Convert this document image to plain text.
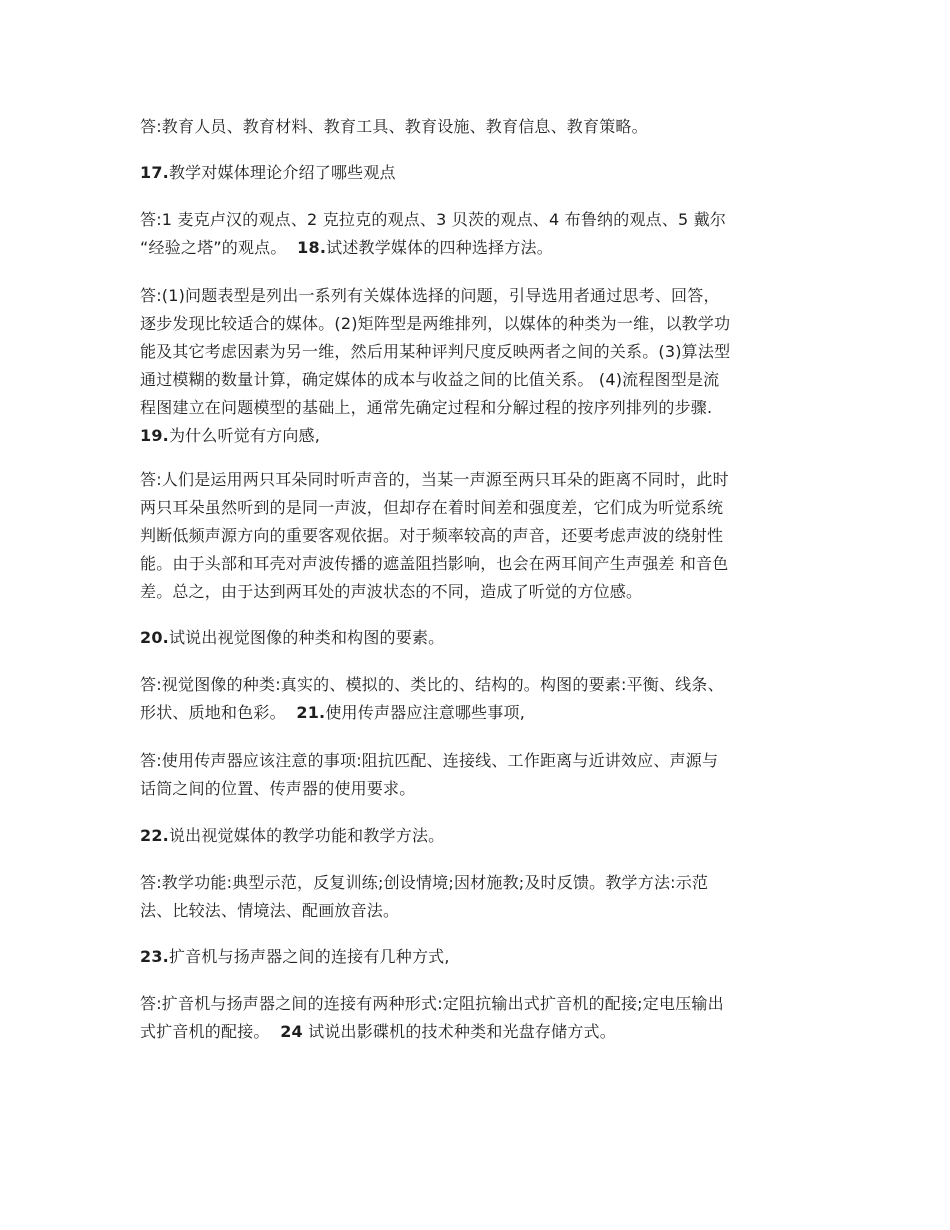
答:教育人员、教育材料、教育工具、教育设施、教育信息、教育策略。

17.教学对媒体理论介绍了哪些观点

答:1 麦克卢汉的观点、2 克拉克的观点、3 贝茨的观点、4 布鲁纳的观点、5 戴尔
“经验之塔”的观点。 18.试述教学媒体的四种选择方法。

答:(1)问题表型是列出一系列有关媒体选择的问题，引导选用者通过思考、回答，
逐步发现比较适合的媒体。(2)矩阵型是两维排列，以媒体的种类为一维，以教学功
能及其它考虑因素为另一维，然后用某种评判尺度反映两者之间的关系。(3)算法型
通过模糊的数量计算，确定媒体的成本与收益之间的比值关系。 (4)流程图型是流
程图建立在问题模型的基础上，通常先确定过程和分解过程的按序列排列的步骤.
19.为什么听觉有方向感,

答:人们是运用两只耳朵同时听声音的，当某一声源至两只耳朵的距离不同时，此时
两只耳朵虽然听到的是同一声波，但却存在着时间差和强度差，它们成为听觉系统
判断低频声源方向的重要客观依据。对于频率较高的声音，还要考虑声波的绕射性
能。由于头部和耳壳对声波传播的遮盖阻挡影响，也会在两耳间产生声强差 和音色
差。总之，由于达到两耳处的声波状态的不同，造成了听觉的方位感。

20.试说出视觉图像的种类和构图的要素。

答:视觉图像的种类:真实的、模拟的、类比的、结构的。构图的要素:平衡、线条、
形状、质地和色彩。 21.使用传声器应注意哪些事项,

答:使用传声器应该注意的事项:阻抗匹配、连接线、工作距离与近讲效应、声源与
话筒之间的位置、传声器的使用要求。

22.说出视觉媒体的教学功能和教学方法。

答:教学功能:典型示范，反复训练;创设情境;因材施教;及时反馈。教学方法:示范
法、比较法、情境法、配画放音法。

23.扩音机与扬声器之间的连接有几种方式,

答:扩音机与扬声器之间的连接有两种形式:定阻抗输出式扩音机的配接;定电压输出
式扩音机的配接。 24 试说出影碟机的技术种类和光盘存储方式。
